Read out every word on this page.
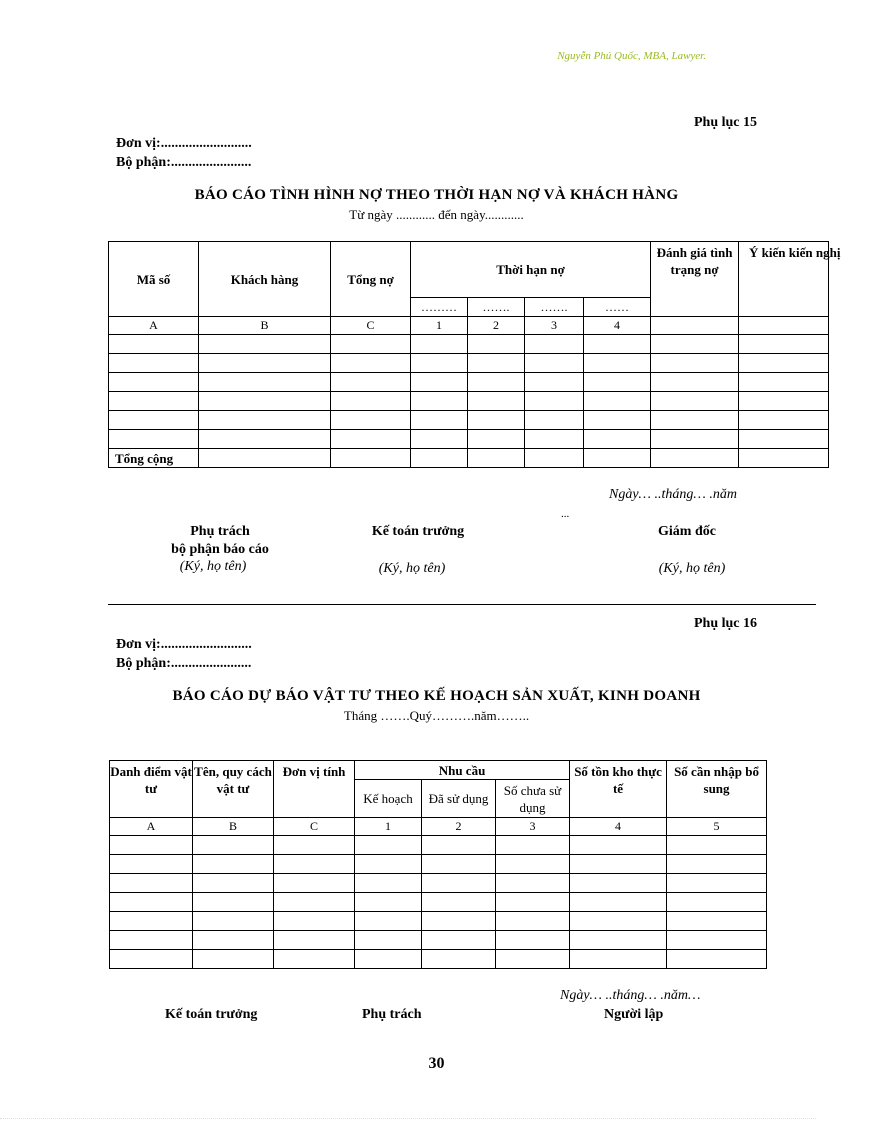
Nguyễn Phú Quốc, MBA, Lawyer.
Phụ lục 15
Đơn vị:..........................
Bộ phận:.......................
BÁO CÁO TÌNH HÌNH NỢ THEO THỜI HẠN NỢ VÀ KHÁCH HÀNG
Từ ngày ............ đến ngày............
Mã số	Khách hàng	Tổng nợ	Thời hạn nợ				Đánh giá tình trạng nợ	Ý kiến kiến nghị
			………	…….	…….	……		
A	B	C	1	2	3	4		

Tổng cộng								
Ngày… ..tháng… .năm
...
Phụ trách
bộ phận báo cáo
(Ký, họ tên)
Kế toán trưởng
(Ký, họ tên)
Giám đốc
(Ký, họ tên)
Phụ lục 16
Đơn vị:..........................
Bộ phận:.......................
BÁO CÁO DỰ BÁO VẬT TƯ THEO KẾ HOẠCH SẢN XUẤT, KINH DOANH
Tháng …….Quý……….năm……..
Danh điểm vật tư	Tên, quy cách vật tư	Đơn vị tính	Nhu cầu			Số tồn kho thực tế	Số cần nhập bổ sung
			Kế hoạch	Đã sử dụng	Số chưa sử dụng		
A	B	C	1	2	3	4	5

Ngày… ..tháng… .năm…
Kế toán trưởng	Phụ trách	Người lập
30
